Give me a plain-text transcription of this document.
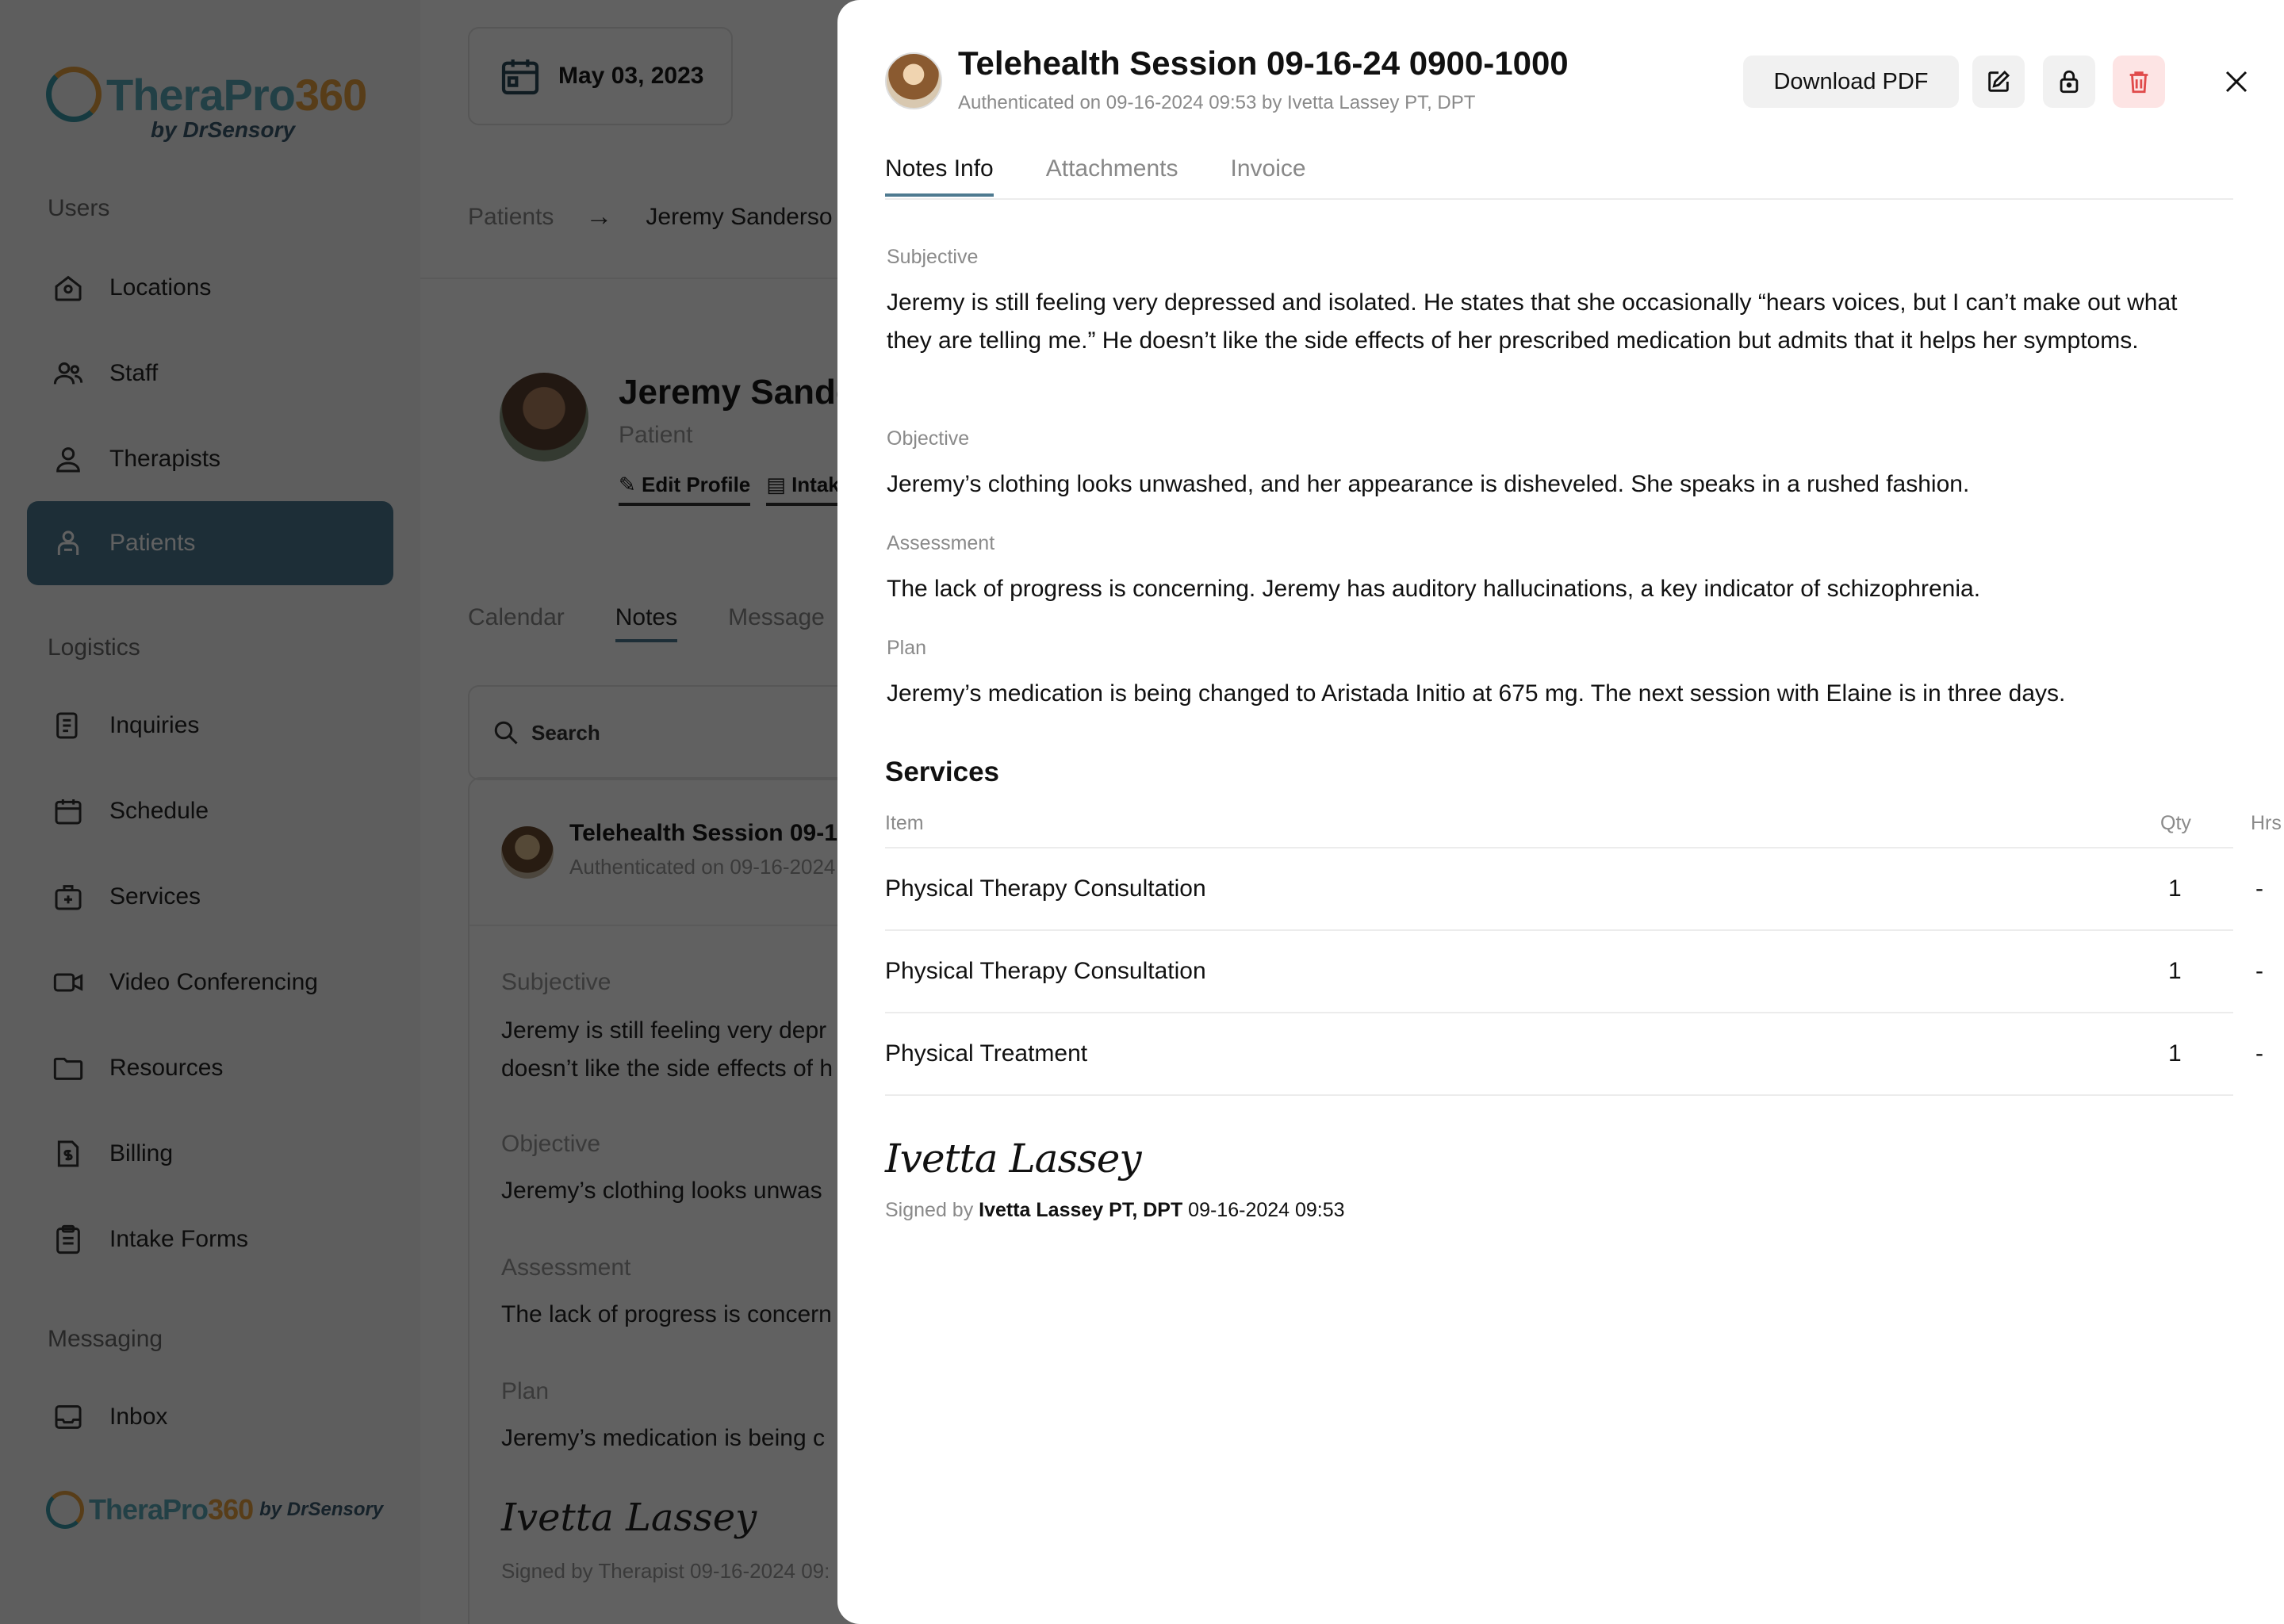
Telehealth Session 09-16-24 0900-1000
Authenticated on 09-16-2024 09:53 by Ivetta Lassey PT, DPT
Download PDF
Notes Info Attachments Invoice
Subjective
Jeremy is still feeling very depressed and isolated. He states that she occasionally “hears voices, but I can’t make out what they are telling me.” He doesn’t like the side effects of her prescribed medication but admits that it helps her symptoms.
Objective
Jeremy’s clothing looks unwashed, and her appearance is disheveled. She speaks in a rushed fashion.
Assessment
The lack of progress is concerning. Jeremy has auditory hallucinations, a key indicator of schizophrenia.
Plan
Jeremy’s medication is being changed to Aristada Initio at 675 mg. The next session with Elaine is in three days.
Services
Item	Qty	Hrs
Physical Therapy Consultation	1	-
Physical Therapy Consultation	1	-
Physical Treatment	1	-
Ivetta Lassey
Signed by Ivetta Lassey PT, DPT 09-16-2024 09:53
